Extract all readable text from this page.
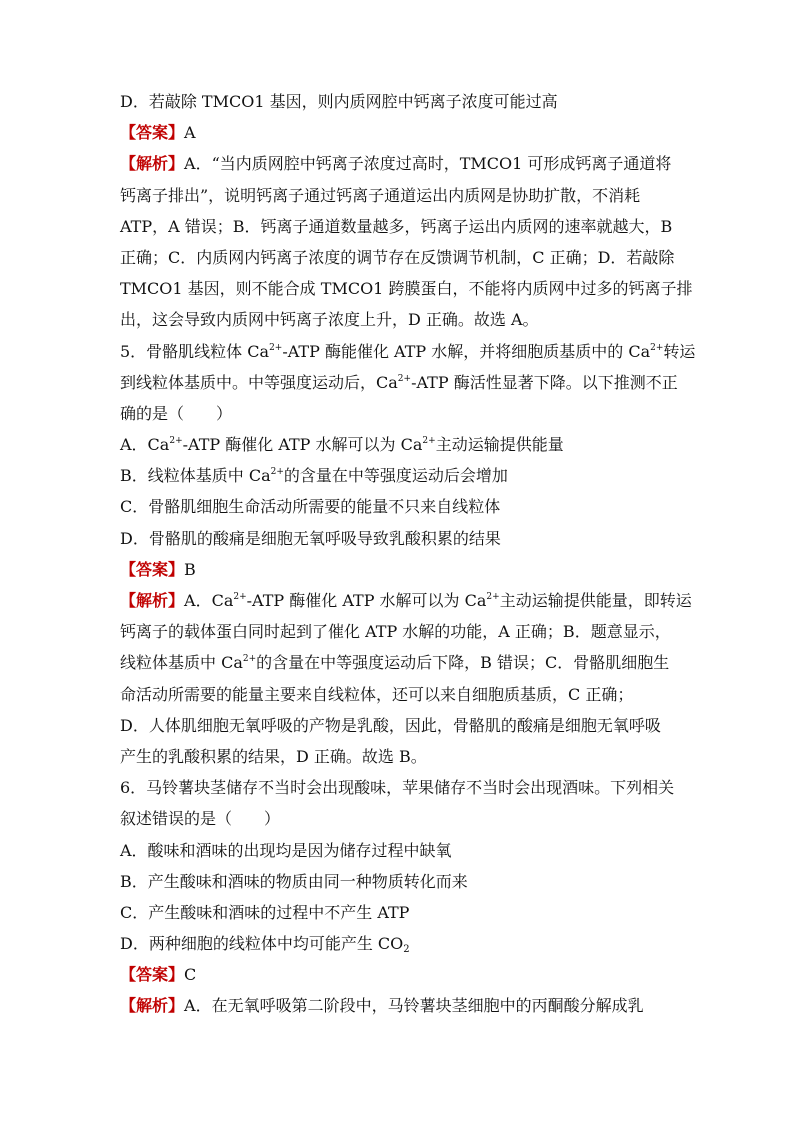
D．若敲除 TMCO1 基因，则内质网腔中钙离子浓度可能过高
【答案】A
【解析】A．“当内质网腔中钙离子浓度过高时，TMCO1 可形成钙离子通道将
钙离子排出”，说明钙离子通过钙离子通道运出内质网是协助扩散，不消耗
ATP，A 错误；B．钙离子通道数量越多，钙离子运出内质网的速率就越大，B
正确；C．内质网内钙离子浓度的调节存在反馈调节机制，C 正确；D．若敲除
TMCO1 基因，则不能合成 TMCO1 跨膜蛋白，不能将内质网中过多的钙离子排
出，这会导致内质网中钙离子浓度上升，D 正确。故选 A。
5．骨骼肌线粒体 $Ca^{2+}$-ATP 酶能催化 ATP 水解，并将细胞质基质中的 $Ca^{2+}$转运
到线粒体基质中。中等强度运动后，$Ca^{2+}$-ATP 酶活性显著下降。以下推测不正
确的是（　　）
A．$Ca^{2+}$-ATP 酶催化 ATP 水解可以为 $Ca^{2+}$主动运输提供能量
B．线粒体基质中 $Ca^{2+}$的含量在中等强度运动后会增加
C．骨骼肌细胞生命活动所需要的能量不只来自线粒体
D．骨骼肌的酸痛是细胞无氧呼吸导致乳酸积累的结果
【答案】B
【解析】A．$Ca^{2+}$-ATP 酶催化 ATP 水解可以为 $Ca^{2+}$主动运输提供能量，即转运
钙离子的载体蛋白同时起到了催化 ATP 水解的功能，A 正确；B．题意显示，
线粒体基质中 $Ca^{2+}$的含量在中等强度运动后下降，B 错误；C．骨骼肌细胞生
命活动所需要的能量主要来自线粒体，还可以来自细胞质基质，C 正确；
D．人体肌细胞无氧呼吸的产物是乳酸，因此，骨骼肌的酸痛是细胞无氧呼吸
产生的乳酸积累的结果，D 正确。故选 B。
6．马铃薯块茎储存不当时会出现酸味，苹果储存不当时会出现酒味。下列相关
叙述错误的是（　　）
A．酸味和酒味的出现均是因为储存过程中缺氧
B．产生酸味和酒味的物质由同一种物质转化而来
C．产生酸味和酒味的过程中不产生 ATP
D．两种细胞的线粒体中均可能产生 $CO_2$
【答案】C
【解析】A．在无氧呼吸第二阶段中，马铃薯块茎细胞中的丙酮酸分解成乳
